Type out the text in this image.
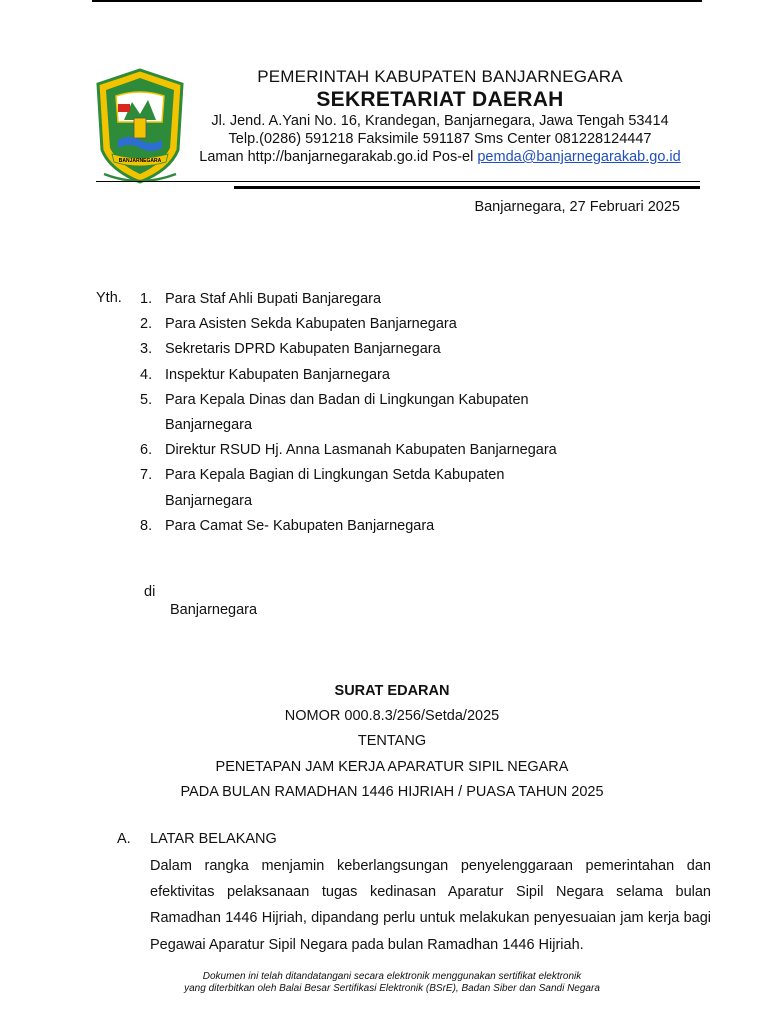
BANJARNEGARA
PEMERINTAH KABUPATEN BANJARNEGARA
SEKRETARIAT DAERAH
Jl. Jend. A.Yani No. 16, Krandegan, Banjarnegara, Jawa Tengah 53414
Telp.(0286) 591218 Faksimile 591187 Sms Center 081228124447
Laman http://banjarnegarakab.go.id Pos-el pemda@banjarnegarakab.go.id
Banjarnegara, 27 Februari 2025
Yth. 1. Para Staf Ahli Bupati Banjaregara
2. Para Asisten Sekda Kabupaten Banjarnegara
3. Sekretaris DPRD Kabupaten Banjarnegara
4. Inspektur Kabupaten Banjarnegara
5. Para Kepala Dinas dan Badan di Lingkungan Kabupaten Banjarnegara
6. Direktur RSUD Hj. Anna Lasmanah Kabupaten Banjarnegara
7. Para Kepala Bagian di Lingkungan Setda Kabupaten Banjarnegara
8. Para Camat Se- Kabupaten Banjarnegara
di
Banjarnegara
SURAT EDARAN
NOMOR 000.8.3/256/Setda/2025
TENTANG
PENETAPAN JAM KERJA APARATUR SIPIL NEGARA
PADA BULAN RAMADHAN 1446 HIJRIAH / PUASA TAHUN 2025
A. LATAR BELAKANG
Dalam rangka menjamin keberlangsungan penyelenggaraan pemerintahan dan efektivitas pelaksanaan tugas kedinasan Aparatur Sipil Negara selama bulan Ramadhan 1446 Hijriah, dipandang perlu untuk melakukan penyesuaian jam kerja bagi Pegawai Aparatur Sipil Negara pada bulan Ramadhan 1446 Hijriah.
Dokumen ini telah ditandatangani secara elektronik menggunakan sertifikat elektronik
yang diterbitkan oleh Balai Besar Sertifikasi Elektronik (BSrE), Badan Siber dan Sandi Negara
